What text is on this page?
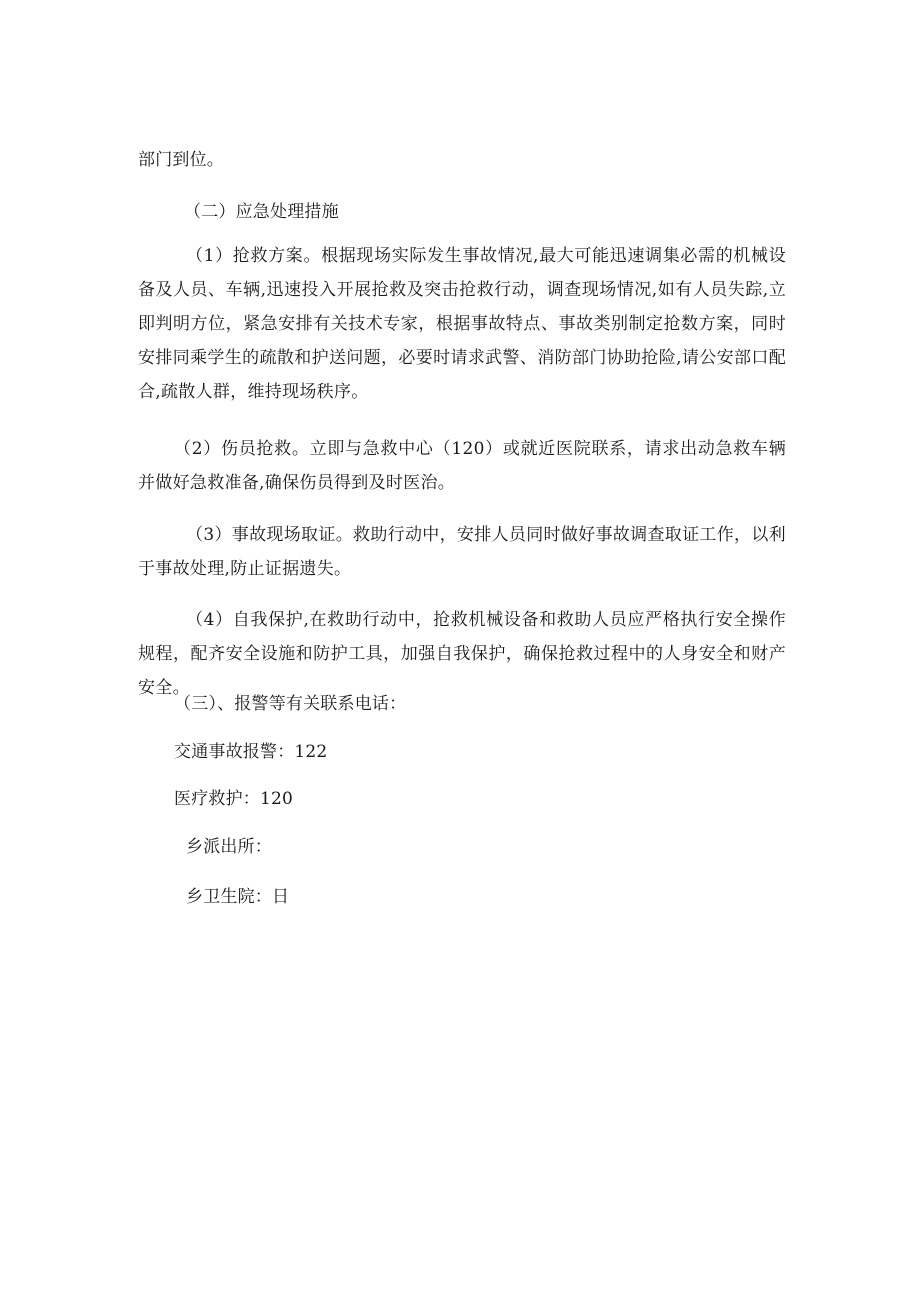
部门到位。
（二）应急处理措施

（1）抢救方案。根据现场实际发生事故情况,最大可能迅速调集必需的机械设备及人员、车辆,迅速投入开展抢救及突击抢救行动，调查现场情况,如有人员失踪,立即判明方位，紧急安排有关技术专家，根据事故特点、事故类别制定抢数方案，同时安排同乘学生的疏散和护送问题，必要时请求武警、消防部门协助抢险,请公安部口配合,疏散人群，维持现场秩序。

（2）伤员抢救。立即与急救中心（120）或就近医院联系，请求出动急救车辆并做好急救准备,确保伤员得到及时医治。

（3）事故现场取证。救助行动中，安排人员同时做好事故调查取证工作，以利于事故处理,防止证据遗失。

（4）自我保护,在救助行动中，抢救机械设备和救助人员应严格执行安全操作规程，配齐安全设施和防护工具，加强自我保护，确保抢救过程中的人身安全和财产安全。

（三）、报警等有关联系电话：
交通事故报警：122
医疗救护：120
乡派出所：
乡卫生院：日
